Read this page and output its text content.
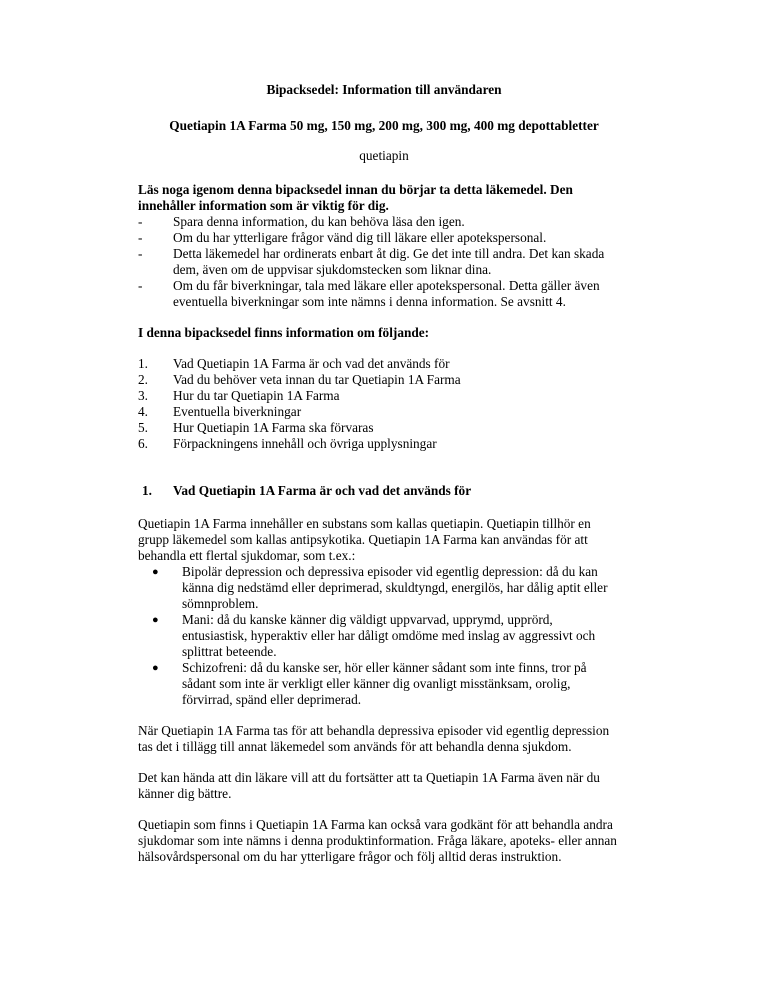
Bipacksedel: Information till användaren
Quetiapin 1A Farma 50 mg, 150 mg, 200 mg, 300 mg, 400 mg depottabletter
quetiapin
Läs noga igenom denna bipacksedel innan du börjar ta detta läkemedel. Den
innehåller information som är viktig för dig.
- Spara denna information, du kan behöva läsa den igen.
- Om du har ytterligare frågor vänd dig till läkare eller apotekspersonal.
- Detta läkemedel har ordinerats enbart åt dig. Ge det inte till andra. Det kan skada
dem, även om de uppvisar sjukdomstecken som liknar dina.
- Om du får biverkningar, tala med läkare eller apotekspersonal. Detta gäller även
eventuella biverkningar som inte nämns i denna information. Se avsnitt 4.
I denna bipacksedel finns information om följande:
1. Vad Quetiapin 1A Farma är och vad det används för
2. Vad du behöver veta innan du tar Quetiapin 1A Farma
3. Hur du tar Quetiapin 1A Farma
4. Eventuella biverkningar
5. Hur Quetiapin 1A Farma ska förvaras
6. Förpackningens innehåll och övriga upplysningar
1. Vad Quetiapin 1A Farma är och vad det används för
Quetiapin 1A Farma innehåller en substans som kallas quetiapin. Quetiapin tillhör en
grupp läkemedel som kallas antipsykotika. Quetiapin 1A Farma kan användas för att
behandla ett flertal sjukdomar, som t.ex.:
● Bipolär depression och depressiva episoder vid egentlig depression: då du kan
känna dig nedstämd eller deprimerad, skuldtyngd, energilös, har dålig aptit eller
sömnproblem.
● Mani: då du kanske känner dig väldigt uppvarvad, upprymd, upprörd,
entusiastisk, hyperaktiv eller har dåligt omdöme med inslag av aggressivt och
splittrat beteende.
● Schizofreni: då du kanske ser, hör eller känner sådant som inte finns, tror på
sådant som inte är verkligt eller känner dig ovanligt misstänksam, orolig,
förvirrad, spänd eller deprimerad.
När Quetiapin 1A Farma tas för att behandla depressiva episoder vid egentlig depression
tas det i tillägg till annat läkemedel som används för att behandla denna sjukdom.
Det kan hända att din läkare vill att du fortsätter att ta Quetiapin 1A Farma även när du
känner dig bättre.
Quetiapin som finns i Quetiapin 1A Farma kan också vara godkänt för att behandla andra
sjukdomar som inte nämns i denna produktinformation. Fråga läkare, apoteks- eller annan
hälsovårdspersonal om du har ytterligare frågor och följ alltid deras instruktion.
